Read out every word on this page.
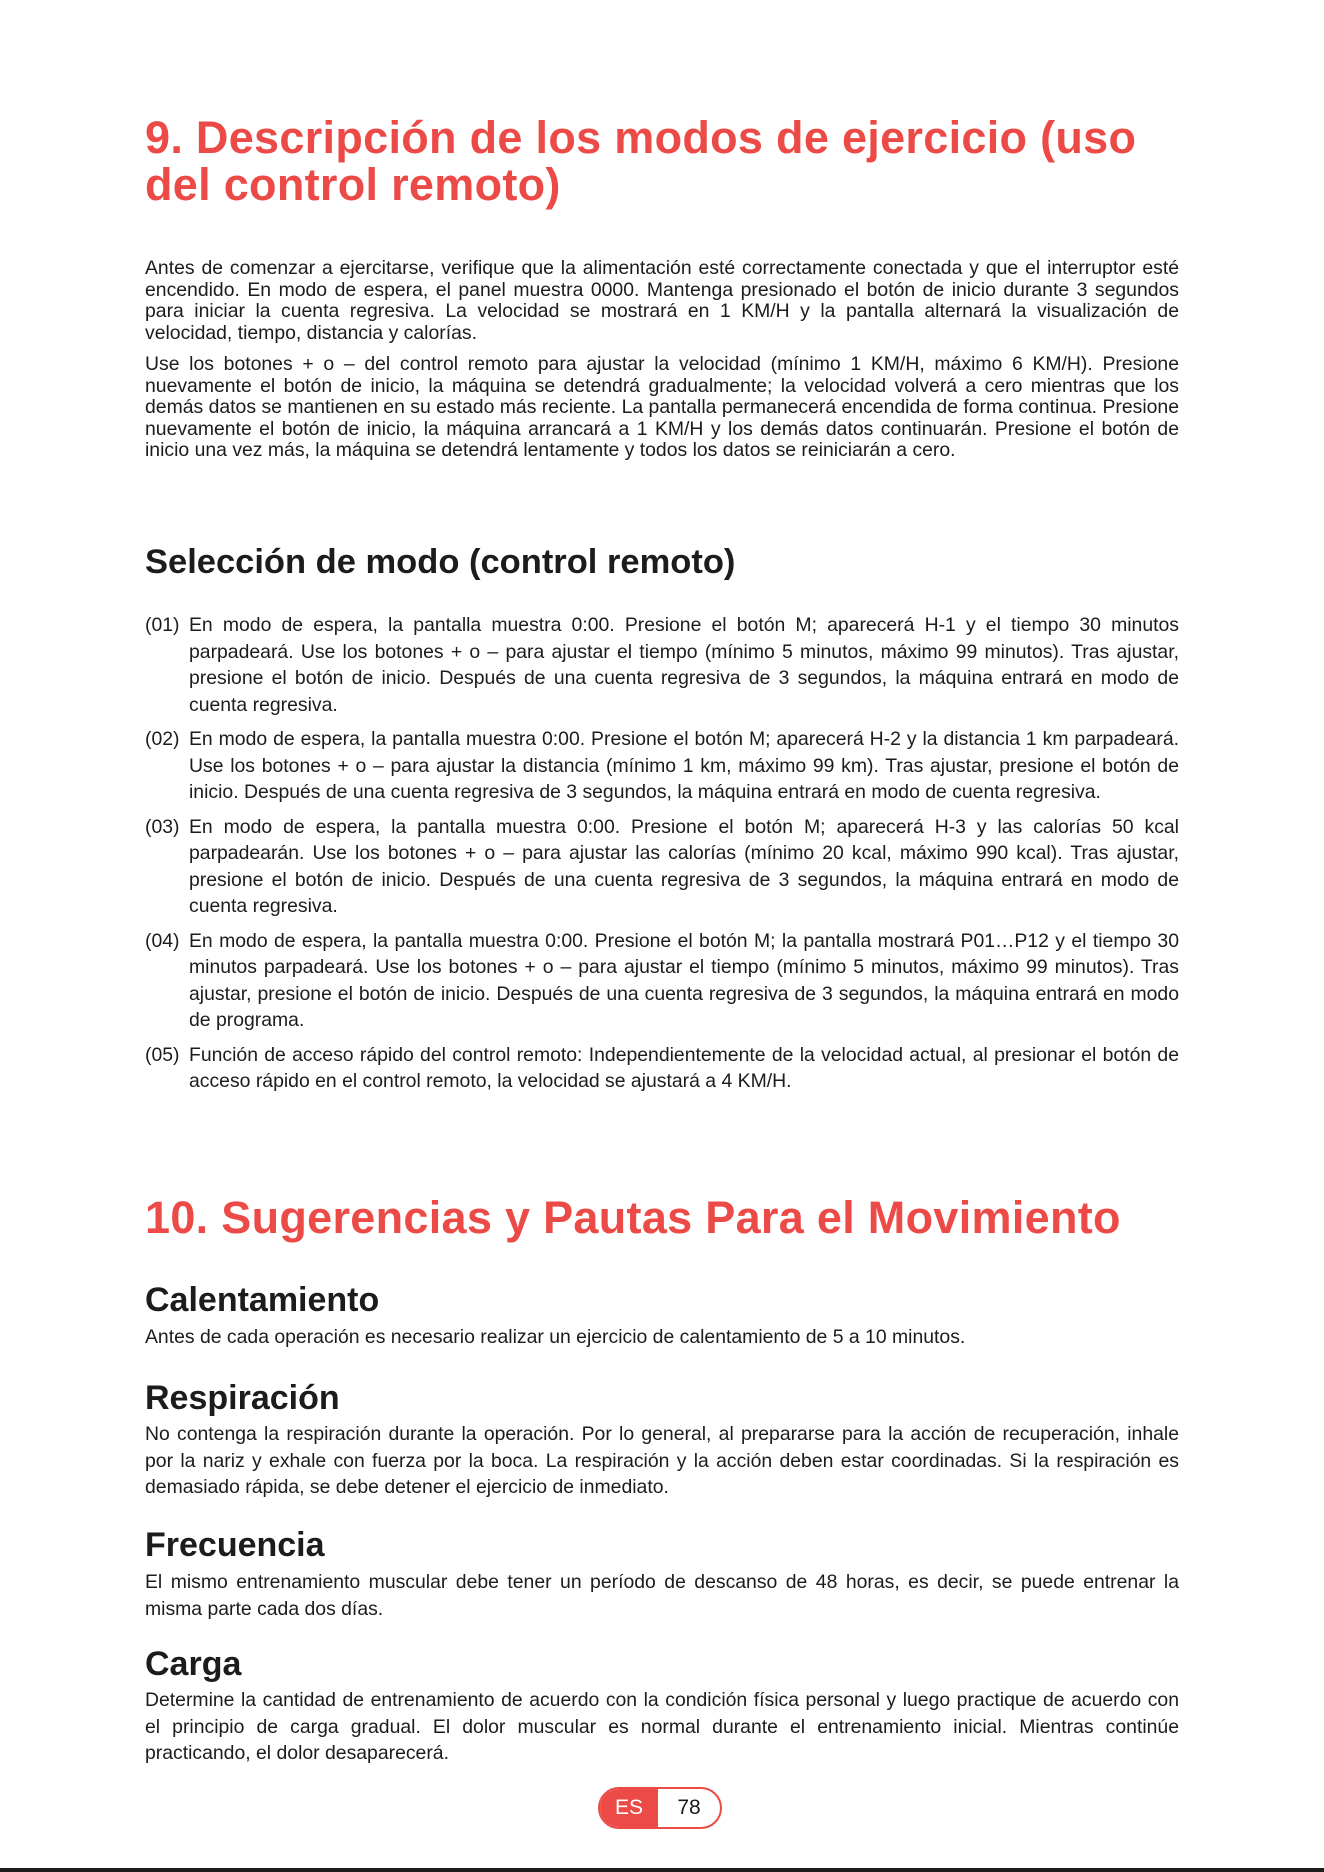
9. Descripción de los modos de ejercicio (uso del control remoto)

Antes de comenzar a ejercitarse, verifique que la alimentación esté correctamente conectada y que el interruptor esté encendido. En modo de espera, el panel muestra 0000. Mantenga presionado el botón de inicio durante 3 segundos para iniciar la cuenta regresiva. La velocidad se mostrará en 1 KM/H y la pantalla alternará la visualización de velocidad, tiempo, distancia y calorías.

Use los botones + o – del control remoto para ajustar la velocidad (mínimo 1 KM/H, máximo 6 KM/H). Presione nuevamente el botón de inicio, la máquina se detendrá gradualmente; la velocidad volverá a cero mientras que los demás datos se mantienen en su estado más reciente. La pantalla permanecerá encendida de forma continua. Presione nuevamente el botón de inicio, la máquina arrancará a 1 KM/H y los demás datos continuarán. Presione el botón de inicio una vez más, la máquina se detendrá lentamente y todos los datos se reiniciarán a cero.

Selección de modo (control remoto)
(01) En modo de espera, la pantalla muestra 0:00. Presione el botón M; aparecerá H-1 y el tiempo 30 minutos parpadeará. Use los botones + o – para ajustar el tiempo (mínimo 5 minutos, máximo 99 minutos). Tras ajustar, presione el botón de inicio. Después de una cuenta regresiva de 3 segundos, la máquina entrará en modo de cuenta regresiva.
(02) En modo de espera, la pantalla muestra 0:00. Presione el botón M; aparecerá H-2 y la distancia 1 km parpadeará. Use los botones + o – para ajustar la distancia (mínimo 1 km, máximo 99 km). Tras ajustar, presione el botón de inicio. Después de una cuenta regresiva de 3 segundos, la máquina entrará en modo de cuenta regresiva.
(03) En modo de espera, la pantalla muestra 0:00. Presione el botón M; aparecerá H-3 y las calorías 50 kcal parpadearán. Use los botones + o – para ajustar las calorías (mínimo 20 kcal, máximo 990 kcal). Tras ajustar, presione el botón de inicio. Después de una cuenta regresiva de 3 segundos, la máquina entrará en modo de cuenta regresiva.
(04) En modo de espera, la pantalla muestra 0:00. Presione el botón M; la pantalla mostrará P01…P12 y el tiempo 30 minutos parpadeará. Use los botones + o – para ajustar el tiempo (mínimo 5 minutos, máximo 99 minutos). Tras ajustar, presione el botón de inicio. Después de una cuenta regresiva de 3 segundos, la máquina entrará en modo de programa.
(05) Función de acceso rápido del control remoto: Independientemente de la velocidad actual, al presionar el botón de acceso rápido en el control remoto, la velocidad se ajustará a 4 KM/H.
10. Sugerencias y Pautas Para el Movimiento
Calentamiento

Antes de cada operación es necesario realizar un ejercicio de calentamiento de 5 a 10 minutos.

Respiración

No contenga la respiración durante la operación. Por lo general, al prepararse para la acción de recuperación, inhale por la nariz y exhale con fuerza por la boca. La respiración y la acción deben estar coordinadas. Si la respiración es demasiado rápida, se debe detener el ejercicio de inmediato.

Frecuencia

El mismo entrenamiento muscular debe tener un período de descanso de 48 horas, es decir, se puede entrenar la misma parte cada dos días.

Carga

Determine la cantidad de entrenamiento de acuerdo con la condición física personal y luego practique de acuerdo con el principio de carga gradual. El dolor muscular es normal durante el entrenamiento inicial. Mientras continúe practicando, el dolor desaparecerá.

ES	78
